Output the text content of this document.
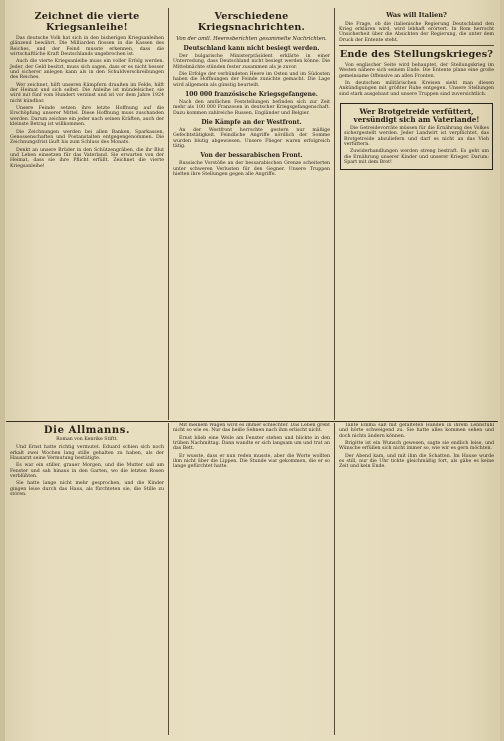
Zeichnet die vierte Kriegsanleihe!

Das deutsche Volk hat sich in den bisherigen Kriegsanleihen glänzend bewährt. Die Milliarden flossen in die Kassen des Reiches, und der Feind musste erkennen, dass die wirtschaftliche Kraft Deutschlands ungebrochen ist.

Auch die vierte Kriegsanleihe muss ein voller Erfolg werden. Jeder, der Geld besitzt, muss sich sagen, dass er es nicht besser und sicherer anlegen kann als in den Schuldverschreibungen des Reiches.

Wer zeichnet, hilft unseren Kämpfern draußen im Felde, hilft der Heimat und sich selbst. Die Anleihe ist mündelsicher, sie wird mit fünf vom Hundert verzinst und ist vor dem Jahre 1924 nicht kündbar.

Unsere Feinde setzen ihre letzte Hoffnung auf die Erschöpfung unserer Mittel. Diese Hoffnung muss zuschanden werden. Darum zeichne ein jeder nach seinen Kräften, auch der kleinste Betrag ist willkommen.

Die Zeichnungen werden bei allen Banken, Sparkassen, Genossenschaften und Postanstalten entgegengenommen. Die Zeichnungsfrist läuft bis zum Schluss des Monats.

Denkt an unsere Brüder in den Schützengräben, die ihr Blut und Leben einsetzen für das Vaterland. Sie erwarten von der Heimat, dass sie ihre Pflicht erfüllt. Zeichnet die vierte Kriegsanleihe!

Verschiedene Kriegsnachrichten.
Von der amtl. Heeresberichten gesammelte Nachrichten.
Deutschland kann nicht besiegt werden.

Der bulgarische Ministerpräsident erklärte in einer Unterredung, dass Deutschland nicht besiegt werden könne. Die Mittelmächte stünden fester zusammen als je zuvor.

Die Erfolge der verbündeten Heere im Osten und im Südosten haben die Hoffnungen der Feinde zunichte gemacht. Die Lage wird allgemein als günstig beurteilt.

100 000 französische Kriegsgefangene.

Nach den amtlichen Feststellungen befinden sich zur Zeit mehr als 100 000 Franzosen in deutscher Kriegsgefangenschaft. Dazu kommen zahlreiche Russen, Engländer und Belgier.

Die Kämpfe an der Westfront.

An der Westfront herrschte gestern nur mäßige Gefechtstätigkeit. Feindliche Angriffe nördlich der Somme wurden blutig abgewiesen. Unsere Flieger waren erfolgreich tätig.

Von der bessarabischen Front.

Russische Vorstöße an der bessarabischen Grenze scheiterten unter schweren Verlusten für den Gegner. Unsere Truppen hielten ihre Stellungen gegen alle Angriffe.

Was will Italien?

Die Frage, ob die italienische Regierung Deutschland den Krieg erklären wird, wird lebhaft erörtert. In Rom herrscht Unsicherheit über die Absichten der Regierung, die unter dem Druck der Entente steht.

Ende des Stellungskrieges?

Von englischer Seite wird behauptet, der Stellungskrieg im Westen nähere sich seinem Ende. Die Entente plane eine große gemeinsame Offensive an allen Fronten.

In deutschen militärischen Kreisen sieht man diesen Ankündigungen mit größter Ruhe entgegen. Unsere Stellungen sind stark ausgebaut und unsere Truppen sind zuversichtlich.

Wer Brotgetreide verfüttert, versündigt sich am Vaterlande!

Die Getreidevorräte müssen für die Ernährung des Volkes sichergestellt werden. Jeder Landwirt ist verpflichtet, das Brotgetreide abzuliefern und darf es nicht an das Vieh verfüttern.

Zuwiderhandlungen werden streng bestraft. Es geht um die Ernährung unserer Kinder und unserer Krieger. Darum: Spart mit dem Brot!

Die Allmanns.
Roman von Kenrike Stiftt.

Und Ernst hatte richtig vermutet. Eduard schien sich noch erkalt zwei Wochen lang stille gehalten zu haben, als der Hausarzt seine Vermutung bestätigte.

Es war ein stiller, grauer Morgen, und die Mutter saß am Fenster und sah hinaus in den Garten, wo die letzten Rosen verblühten.

Sie hatte lange nicht mehr gesprochen, und die Kinder gingen leise durch das Haus, als fürchteten sie, die Stille zu stören.

Mit meinem Wagen wird es immer schlechter. Das Leben grebt nicht so wie es. Nur das heiße Sehnen nach ihm erlischt nicht.

Ernst blieb eine Weile am Fenster stehen und blickte in den trüben Nachmittag. Dann wandte er sich langsam um und trat an das Bett.

Er wusste, dass er nun reden musste, aber die Worte wollten ihm nicht über die Lippen. Die Stunde war gekommen, die er so lange gefürchtet hatte.

Tante Emma saß mit gefalteten Händen in ihrem Lehnstuhl und hörte schweigend zu. Sie hatte alles kommen sehen und doch nichts ändern können.

Brigitte ist ein Wunsch gewesen, sagte sie endlich leise, und Wünsche erfüllen sich nicht immer so, wie wir es gern möchten.

Der Abend kam, und mit ihm die Schatten. Im Hause wurde es still, nur die Uhr tickte gleichmäßig fort, als gäbe es keine Zeit und kein Ende.
